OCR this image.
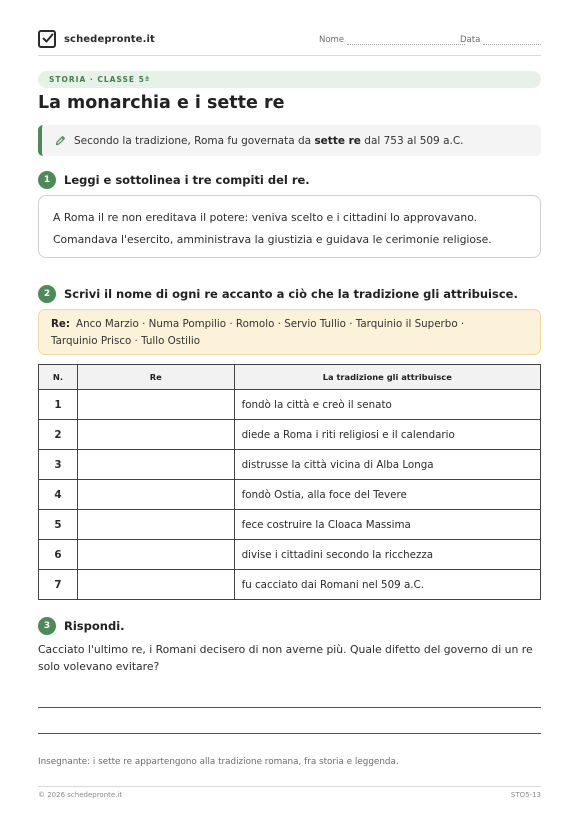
schedepronte.it	Nome	Data
STORIA · CLASSE 5ª
La monarchia e i sette re
Secondo la tradizione, Roma fu governata da sette re dal 753 al 509 a.C.
1	Leggi e sottolinea i tre compiti del re.
A Roma il re non ereditava il potere: veniva scelto e i cittadini lo approvavano.
Comandava l'esercito, amministrava la giustizia e guidava le cerimonie religiose.
2	Scrivi il nome di ogni re accanto a ciò che la tradizione gli attribuisce.
Re: Anco Marzio · Numa Pompilio · Romolo · Servio Tullio · Tarquinio il Superbo ·
Tarquinio Prisco · Tullo Ostilio
N.	Re	La tradizione gli attribuisce
1		fondò la città e creò il senato
2		diede a Roma i riti religiosi e il calendario
3		distrusse la città vicina di Alba Longa
4		fondò Ostia, alla foce del Tevere
5		fece costruire la Cloaca Massima
6		divise i cittadini secondo la ricchezza
7		fu cacciato dai Romani nel 509 a.C.
3	Rispondi.
Cacciato l'ultimo re, i Romani decisero di non averne più. Quale difetto del governo di un re solo volevano evitare?
Insegnante: i sette re appartengono alla tradizione romana, fra storia e leggenda.
© 2026 schedepronte.it	STO5-13
